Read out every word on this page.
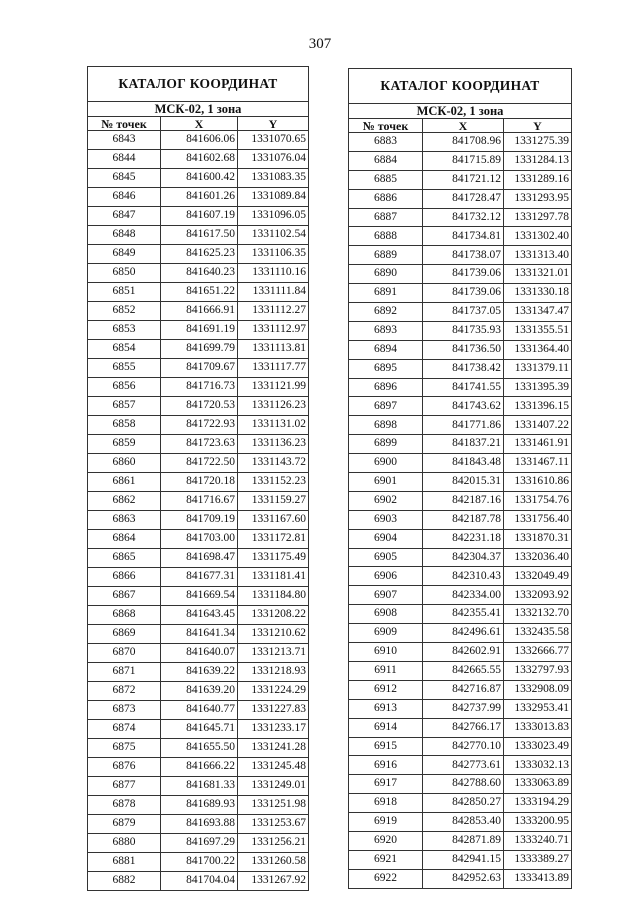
307
КАТАЛОГ КООРДИНАТ		
МСК-02, 1 зона		
№ точек	X	Y
6843	841606.06	1331070.65
6844	841602.68	1331076.04
6845	841600.42	1331083.35
6846	841601.26	1331089.84
6847	841607.19	1331096.05
6848	841617.50	1331102.54
6849	841625.23	1331106.35
6850	841640.23	1331110.16
6851	841651.22	1331111.84
6852	841666.91	1331112.27
6853	841691.19	1331112.97
6854	841699.79	1331113.81
6855	841709.67	1331117.77
6856	841716.73	1331121.99
6857	841720.53	1331126.23
6858	841722.93	1331131.02
6859	841723.63	1331136.23
6860	841722.50	1331143.72
6861	841720.18	1331152.23
6862	841716.67	1331159.27
6863	841709.19	1331167.60
6864	841703.00	1331172.81
6865	841698.47	1331175.49
6866	841677.31	1331181.41
6867	841669.54	1331184.80
6868	841643.45	1331208.22
6869	841641.34	1331210.62
6870	841640.07	1331213.71
6871	841639.22	1331218.93
6872	841639.20	1331224.29
6873	841640.77	1331227.83
6874	841645.71	1331233.17
6875	841655.50	1331241.28
6876	841666.22	1331245.48
6877	841681.33	1331249.01
6878	841689.93	1331251.98
6879	841693.88	1331253.67
6880	841697.29	1331256.21
6881	841700.22	1331260.58
6882	841704.04	1331267.92
КАТАЛОГ КООРДИНАТ		
МСК-02, 1 зона		
№ точек	X	Y
6883	841708.96	1331275.39
6884	841715.89	1331284.13
6885	841721.12	1331289.16
6886	841728.47	1331293.95
6887	841732.12	1331297.78
6888	841734.81	1331302.40
6889	841738.07	1331313.40
6890	841739.06	1331321.01
6891	841739.06	1331330.18
6892	841737.05	1331347.47
6893	841735.93	1331355.51
6894	841736.50	1331364.40
6895	841738.42	1331379.11
6896	841741.55	1331395.39
6897	841743.62	1331396.15
6898	841771.86	1331407.22
6899	841837.21	1331461.91
6900	841843.48	1331467.11
6901	842015.31	1331610.86
6902	842187.16	1331754.76
6903	842187.78	1331756.40
6904	842231.18	1331870.31
6905	842304.37	1332036.40
6906	842310.43	1332049.49
6907	842334.00	1332093.92
6908	842355.41	1332132.70
6909	842496.61	1332435.58
6910	842602.91	1332666.77
6911	842665.55	1332797.93
6912	842716.87	1332908.09
6913	842737.99	1332953.41
6914	842766.17	1333013.83
6915	842770.10	1333023.49
6916	842773.61	1333032.13
6917	842788.60	1333063.89
6918	842850.27	1333194.29
6919	842853.40	1333200.95
6920	842871.89	1333240.71
6921	842941.15	1333389.27
6922	842952.63	1333413.89
